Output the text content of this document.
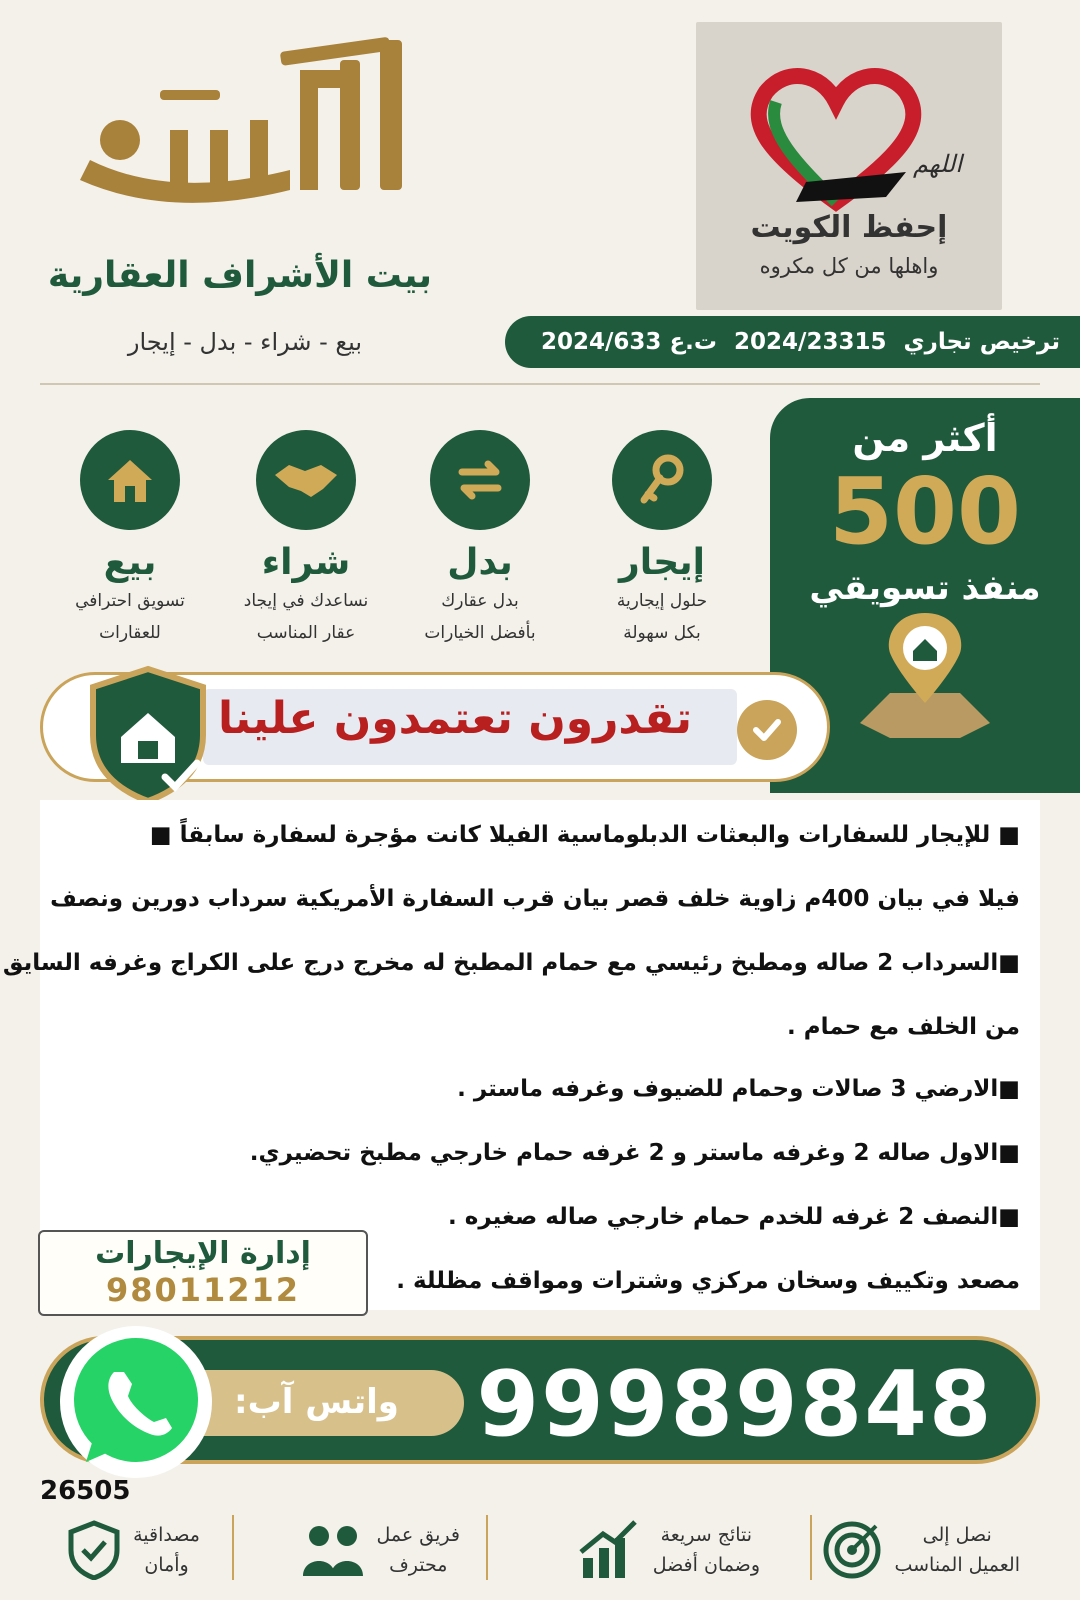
بيت الأشراف العقارية
بيع - شراء - بدل - إيجار
اللهم
إحفظ الكويت
واهلها من كل مكروه
ت.ع 2024/633 2024/23315 ترخيص تجاري
أكثر من
500
منفذ تسويقي
إيجار
حلول إيجارية
بكل سهولة
بدل
بدل عقارك
بأفضل الخيارات
شراء
نساعدك في إيجاد
عقار المناسب
بيع
تسويق احترافي
للعقارات
تقدرون تعتمدون علينا
■ للإيجار للسفارات والبعثات الدبلوماسية الفيلا كانت مؤجرة لسفارة سابقاً ■
فيلا في بيان 400م زاوية خلف قصر بيان قرب السفارة الأمريكية سرداب دورين ونصف
■السرداب 2 صاله ومطبخ رئيسي مع حمام المطبخ له مخرج درج على الكراج وغرفه السايق
من الخلف مع حمام .
■الارضي 3 صالات وحمام للضيوف وغرفه ماستر .
■الاول صاله 2 وغرفه ماستر و 2 غرفه حمام خارجي مطبخ تحضيري.
■النصف 2 غرفه للخدم حمام خارجي صاله صغيره .
مصعد وتكييف وسخان مركزي وشترات ومواقف مظللة .
إدارة الإيجارات
98011212
واتس آب: 99989848
26505
نصل إلى
العميل المناسب
نتائج سريعة
وضمان أفضل
فريق عمل
محترف
مصداقية
وأمان
